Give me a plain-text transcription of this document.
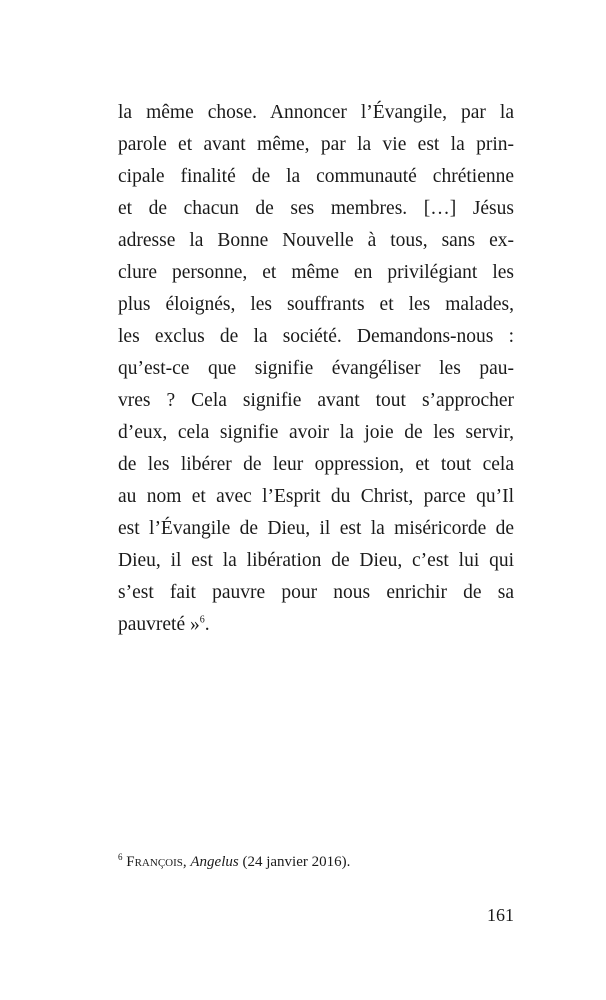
la même chose. Annoncer l’Évangile, par la
parole et avant même, par la vie est la prin-
cipale finalité de la communauté chrétienne
et de chacun de ses membres. […] Jésus
adresse la Bonne Nouvelle à tous, sans ex-
clure personne, et même en privilégiant les
plus éloignés, les souffrants et les malades,
les exclus de la société. Demandons-nous :
qu’est-ce que signifie évangéliser les pau-
vres ? Cela signifie avant tout s’approcher
d’eux, cela signifie avoir la joie de les servir,
de les libérer de leur oppression, et tout cela
au nom et avec l’Esprit du Christ, parce qu’Il
est l’Évangile de Dieu, il est la miséricorde de
Dieu, il est la libération de Dieu, c’est lui qui
s’est fait pauvre pour nous enrichir de sa
pauvreté »$^6$.
$^6$ François, Angelus (24 janvier 2016).
161
